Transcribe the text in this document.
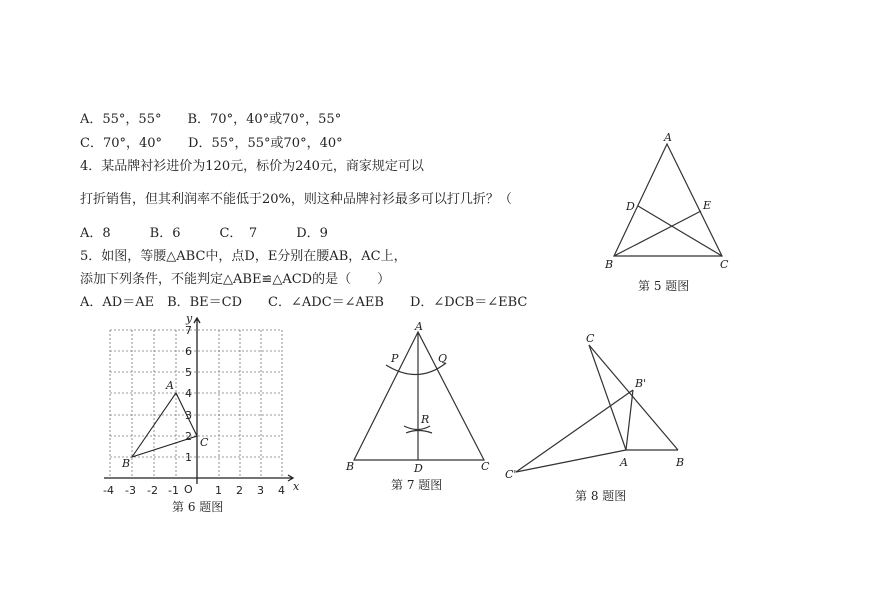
A．55°，55°　　B．70°，40°或70°，55°
C．70°，40°　　D．55°，55°或70°，40°
4．某品牌衬衫进价为120元，标价为240元，商家规定可以
打折销售，但其利润率不能低于20%，则这种品牌衬衫最多可以打几折？（
A．8　　　B．6　　　C．　7　　　D．9
5．如图，等腰△ABC中，点D，E分别在腰AB，AC上，
添加下列条件，不能判定△ABE≌△ACD的是（　　）
A．AD＝AE　B．BE＝CD　　C．∠ADC＝∠AEB　　D．∠DCB＝∠EBC
A
B	C
D	E
第 5 题图
y
x
O
-4 -3 -2 -1	1 2 3 4
1
2
3
4
5
6
7
A
B
C
第 6 题图
A
B	C
D
P	Q
R
第 7 题图
C
B'
C'
A	B
第 8 题图
